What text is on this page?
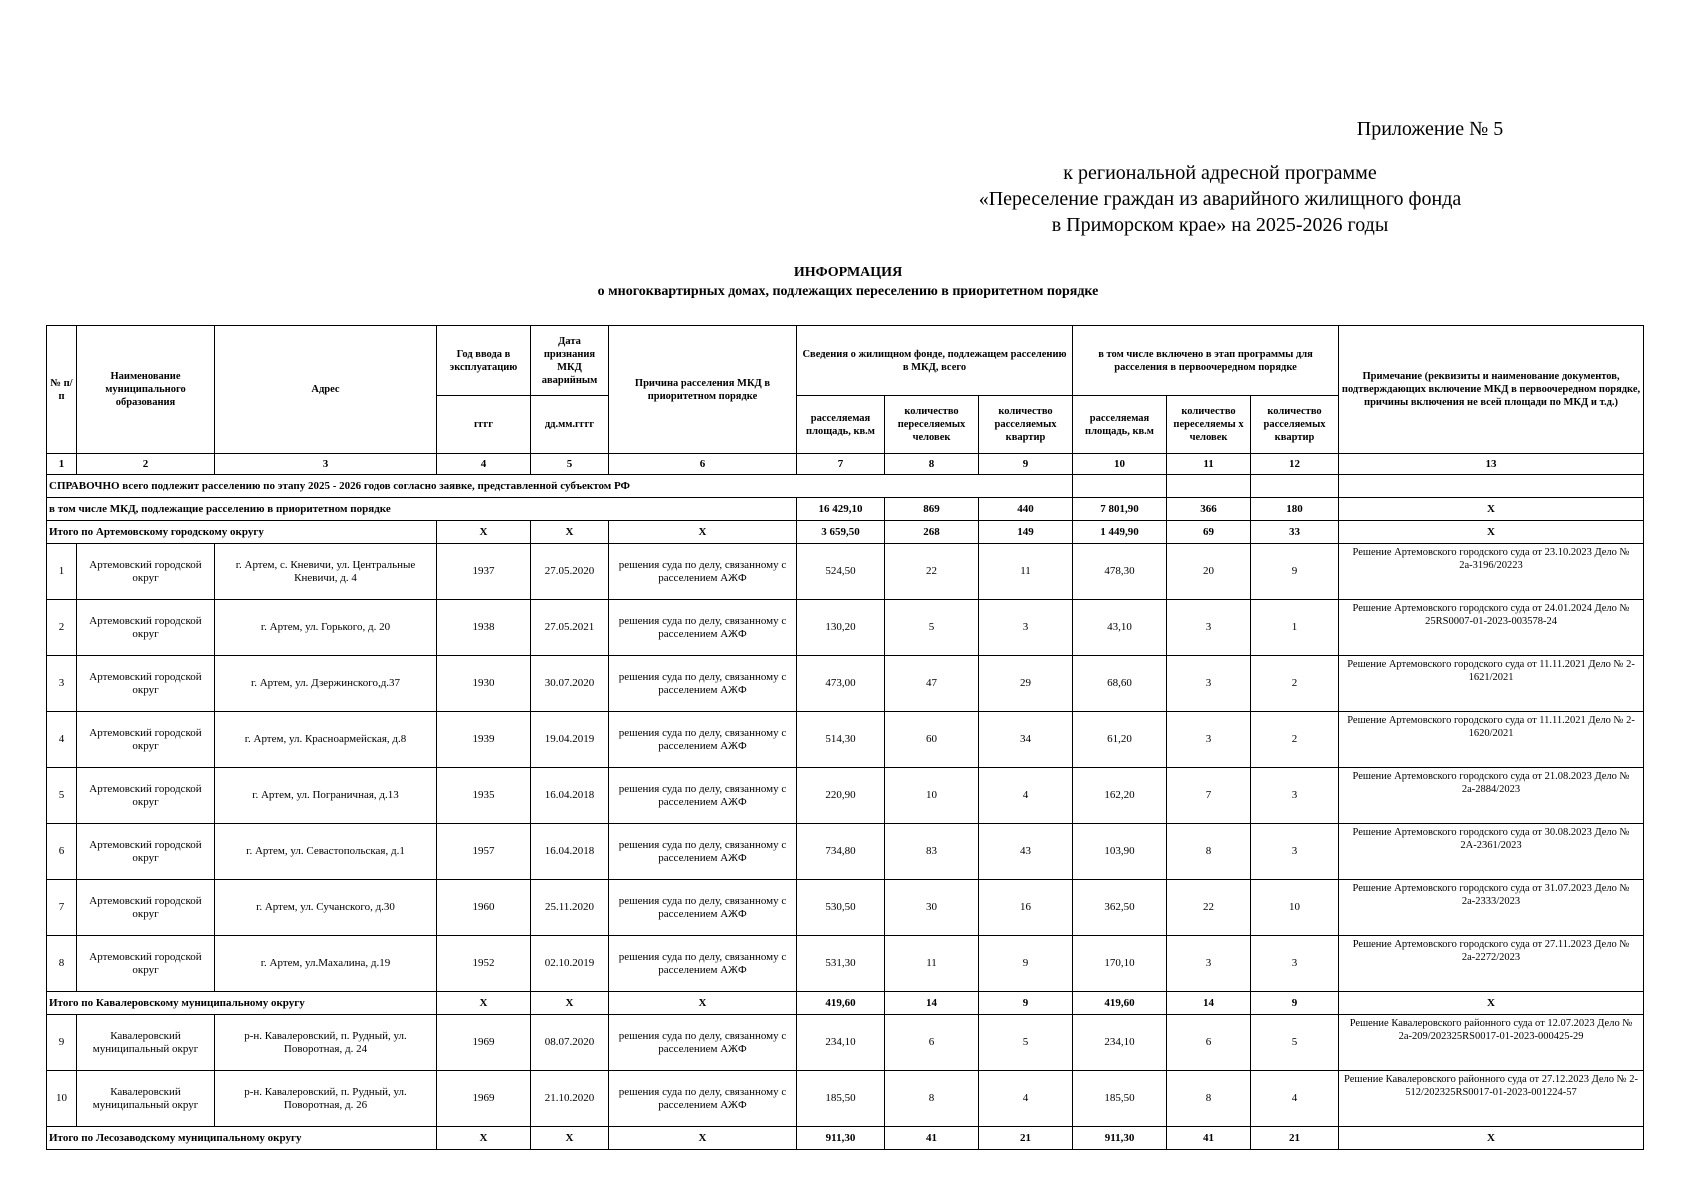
Приложение № 5
к региональной адресной программе
«Переселение граждан из аварийного жилищного фонда
в Приморском крае» на 2025-2026 годы
ИНФОРМАЦИЯ
о многоквартирных домах, подлежащих переселению в приоритетном порядке
№ п/п	Наименование муниципального образования	Адрес	Год ввода в эксплуатацию	Дата признания МКД аварийным	Причина расселения МКД в приоритетном порядке	Сведения о жилищном фонде, подлежащем расселению в МКД, всего			в том числе включено в этап программы для расселения в первоочередном порядке			Примечание (реквизиты и наименование документов, подтверждающих включение МКД в первоочередном порядке, причины включения не всей площади по МКД и т.д.)
			гггг	дд.мм.гггг		расселяемая площадь, кв.м	количество переселяемых человек	количество расселяемых квартир	расселяемая площадь, кв.м	количество переселяемы х человек	количество расселяемых квартир	
1	2	3	4	5	6	7	8	9	10	11	12	13
СПРАВОЧНО всего подлежит расселению по этапу 2025 - 2026 годов согласно заявке, представленной субъектом РФ												
в том числе МКД, подлежащие расселению в приоритетном порядке						16 429,10	869	440	7 801,90	366	180	X
Итого по Артемовскому городскому округу			X	X	X	3 659,50	268	149	1 449,90	69	33	X
1	Артемовский городской округ	г. Артем, с. Кневичи, ул. Центральные Кневичи, д. 4	1937	27.05.2020	решения суда по делу, связанному с расселением АЖФ	524,50	22	11	478,30	20	9	Решение Артемовского городского суда от 23.10.2023 Дело № 2а-3196/20223
2	Артемовский городской округ	г. Артем, ул. Горького, д. 20	1938	27.05.2021	решения суда по делу, связанному с расселением АЖФ	130,20	5	3	43,10	3	1	Решение Артемовского городского суда от 24.01.2024 Дело № 25RS0007-01-2023-003578-24
3	Артемовский городской округ	г. Артем, ул. Дзержинского,д.37	1930	30.07.2020	решения суда по делу, связанному с расселением АЖФ	473,00	47	29	68,60	3	2	Решение Артемовского городского суда от 11.11.2021 Дело № 2-1621/2021
4	Артемовский городской округ	г. Артем, ул. Красноармейская, д.8	1939	19.04.2019	решения суда по делу, связанному с расселением АЖФ	514,30	60	34	61,20	3	2	Решение Артемовского городского суда от 11.11.2021 Дело № 2-1620/2021
5	Артемовский городской округ	г. Артем, ул. Пограничная, д.13	1935	16.04.2018	решения суда по делу, связанному с расселением АЖФ	220,90	10	4	162,20	7	3	Решение Артемовского городского суда от 21.08.2023 Дело № 2а-2884/2023
6	Артемовский городской округ	г. Артем, ул. Севастопольская, д.1	1957	16.04.2018	решения суда по делу, связанному с расселением АЖФ	734,80	83	43	103,90	8	3	Решение Артемовского городского суда от 30.08.2023 Дело № 2А-2361/2023
7	Артемовский городской округ	г. Артем, ул. Сучанского, д.30	1960	25.11.2020	решения суда по делу, связанному с расселением АЖФ	530,50	30	16	362,50	22	10	Решение Артемовского городского суда от 31.07.2023 Дело № 2а-2333/2023
8	Артемовский городской округ	г. Артем, ул.Махалина, д.19	1952	02.10.2019	решения суда по делу, связанному с расселением АЖФ	531,30	11	9	170,10	3	3	Решение Артемовского городского суда от 27.11.2023 Дело № 2а-2272/2023
Итого по Кавалеровскому муниципальному округу			X	X	X	419,60	14	9	419,60	14	9	X
9	Кавалеровский муниципальный округ	р-н. Кавалеровский, п. Рудный, ул. Поворотная, д. 24	1969	08.07.2020	решения суда по делу, связанному с расселением АЖФ	234,10	6	5	234,10	6	5	Решение Кавалеровского районного суда от 12.07.2023 Дело № 2а-209/202325RS0017-01-2023-000425-29
10	Кавалеровский муниципальный округ	р-н. Кавалеровский, п. Рудный, ул. Поворотная, д. 26	1969	21.10.2020	решения суда по делу, связанному с расселением АЖФ	185,50	8	4	185,50	8	4	Решение Кавалеровского районного суда от 27.12.2023 Дело № 2-512/202325RS0017-01-2023-001224-57
Итого по Лесозаводскому муниципальному округу			X	X	X	911,30	41	21	911,30	41	21	X
